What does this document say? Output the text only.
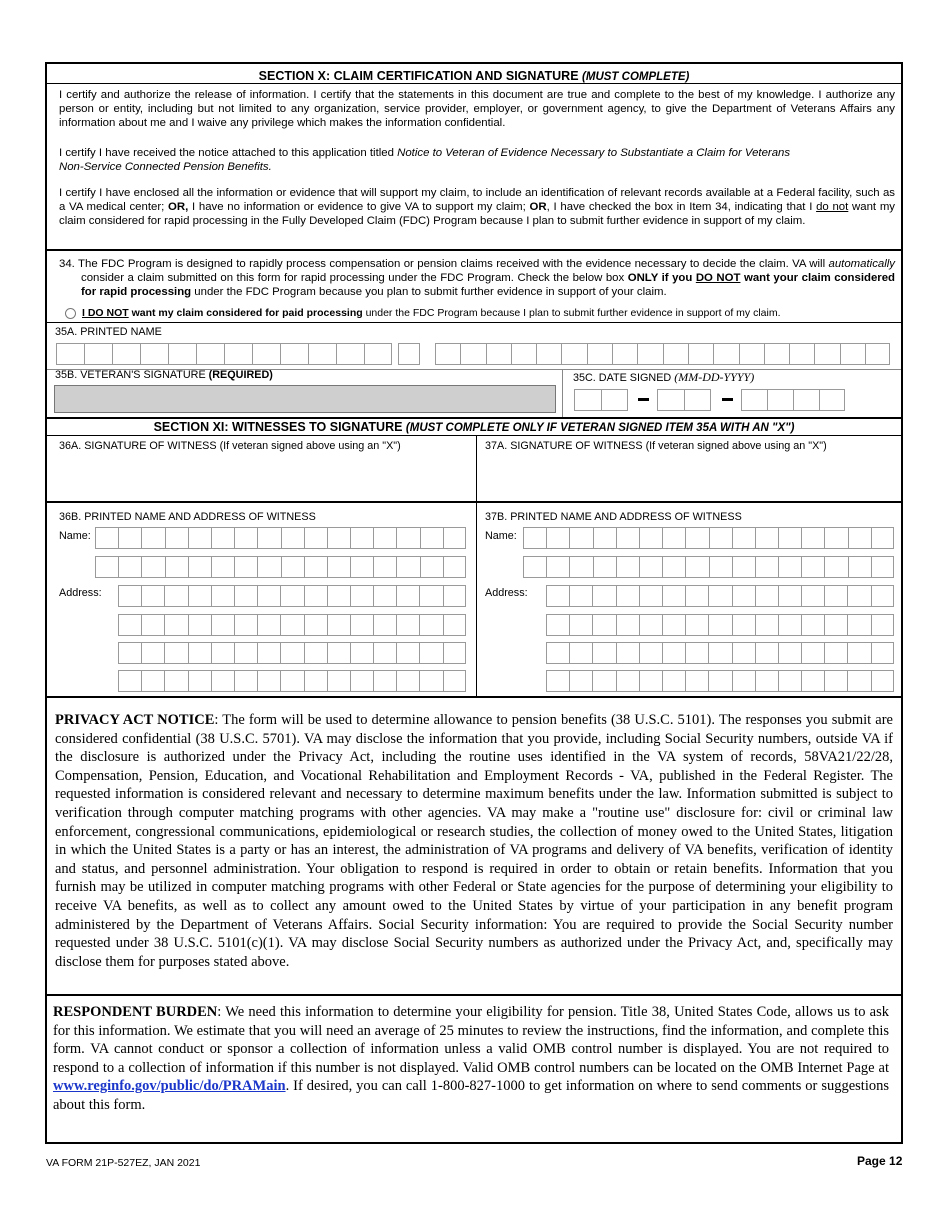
SECTION X: CLAIM CERTIFICATION AND SIGNATURE (MUST COMPLETE)
I certify and authorize the release of information. I certify that the statements in this document are true and complete to the best of my knowledge. I authorize any person or entity, including but not limited to any organization, service provider, employer, or government agency, to give the Department of Veterans Affairs any information about me and I waive any privilege which makes the information confidential.
I certify I have received the notice attached to this application titled Notice to Veteran of Evidence Necessary to Substantiate a Claim for Veterans Non-Service Connected Pension Benefits.
I certify I have enclosed all the information or evidence that will support my claim, to include an identification of relevant records available at a Federal facility, such as a VA medical center; OR, I have no information or evidence to give VA to support my claim; OR, I have checked the box in Item 34, indicating that I do not want my claim considered for rapid processing in the Fully Developed Claim (FDC) Program because I plan to submit further evidence in support of my claim.
34. The FDC Program is designed to rapidly process compensation or pension claims received with the evidence necessary to decide the claim. VA will automatically consider a claim submitted on this form for rapid processing under the FDC Program. Check the below box ONLY if you DO NOT want your claim considered for rapid processing under the FDC Program because you plan to submit further evidence in support of your claim.
I DO NOT want my claim considered for paid processing under the FDC Program because I plan to submit further evidence in support of my claim.
35A. PRINTED NAME
35B. VETERAN'S SIGNATURE (REQUIRED)	35C. DATE SIGNED (MM-DD-YYYY)
SECTION XI: WITNESSES TO SIGNATURE (MUST COMPLETE ONLY IF VETERAN SIGNED ITEM 35A WITH AN "X")
36A. SIGNATURE OF WITNESS (If veteran signed above using an "X")	37A. SIGNATURE OF WITNESS (If veteran signed above using an "X")
36B. PRINTED NAME AND ADDRESS OF WITNESS	37B. PRINTED NAME AND ADDRESS OF WITNESS
Name:
Address:
Name:
Address:
PRIVACY ACT NOTICE: The form will be used to determine allowance to pension benefits (38 U.S.C. 5101). The responses you submit are considered confidential (38 U.S.C. 5701). VA may disclose the information that you provide, including Social Security numbers, outside VA if the disclosure is authorized under the Privacy Act, including the routine uses identified in the VA system of records, 58VA21/22/28, Compensation, Pension, Education, and Vocational Rehabilitation and Employment Records - VA, published in the Federal Register. The requested information is considered relevant and necessary to determine maximum benefits under the law. Information submitted is subject to verification through computer matching programs with other agencies. VA may make a "routine use" disclosure for: civil or criminal law enforcement, congressional communications, epidemiological or research studies, the collection of money owed to the United States, litigation in which the United States is a party or has an interest, the administration of VA programs and delivery of VA benefits, verification of identity and status, and personnel administration. Your obligation to respond is required in order to obtain or retain benefits. Information that you furnish may be utilized in computer matching programs with other Federal or State agencies for the purpose of determining your eligibility to receive VA benefits, as well as to collect any amount owed to the United States by virtue of your participation in any benefit program administered by the Department of Veterans Affairs. Social Security information: You are required to provide the Social Security number requested under 38 U.S.C. 5101(c)(1). VA may disclose Social Security numbers as authorized under the Privacy Act, and, specifically may disclose them for purposes stated above.
RESPONDENT BURDEN: We need this information to determine your eligibility for pension. Title 38, United States Code, allows us to ask for this information. We estimate that you will need an average of 25 minutes to review the instructions, find the information, and complete this form. VA cannot conduct or sponsor a collection of information unless a valid OMB control number is displayed. You are not required to respond to a collection of information if this number is not displayed. Valid OMB control numbers can be located on the OMB Internet Page at www.reginfo.gov/public/do/PRAMain. If desired, you can call 1-800-827-1000 to get information on where to send comments or suggestions about this form.
VA FORM 21P-527EZ, JAN 2021	Page 12
